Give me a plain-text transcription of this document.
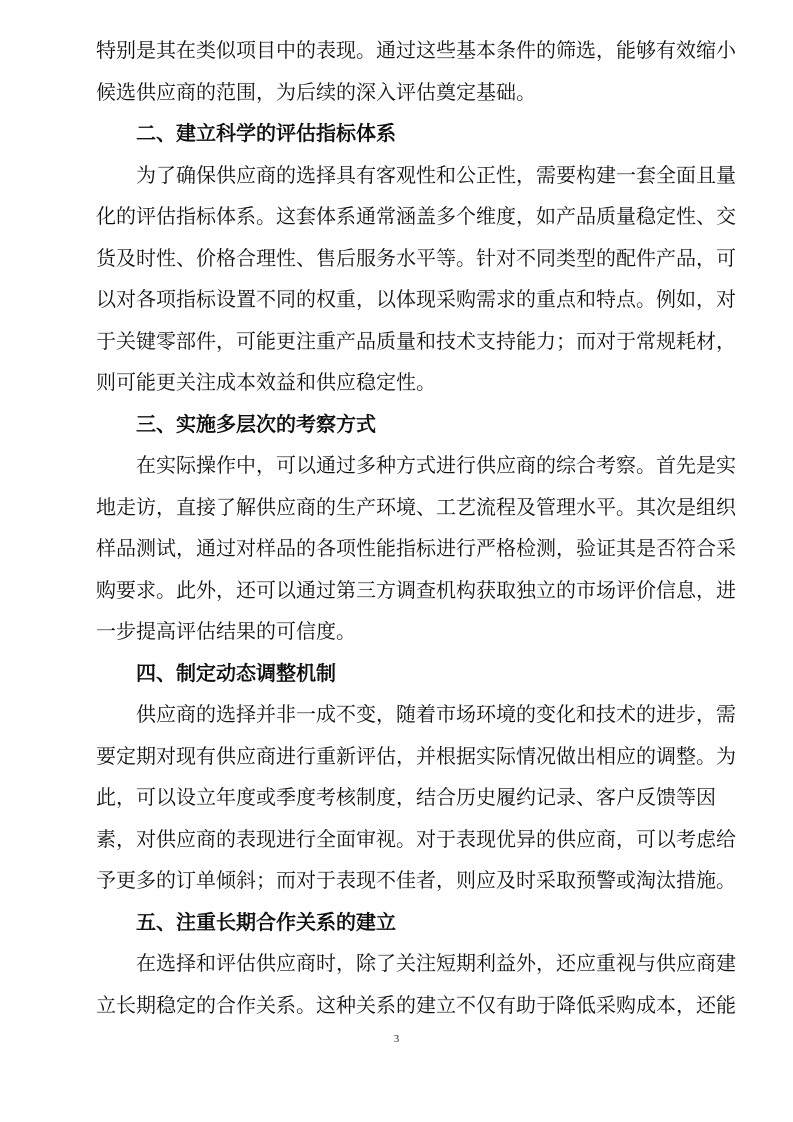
特别是其在类似项目中的表现。通过这些基本条件的筛选，能够有效缩小

候选供应商的范围，为后续的深入评估奠定基础。

二、建立科学的评估指标体系

为了确保供应商的选择具有客观性和公正性，需要构建一套全面且量

化的评估指标体系。这套体系通常涵盖多个维度，如产品质量稳定性、交

货及时性、价格合理性、售后服务水平等。针对不同类型的配件产品，可

以对各项指标设置不同的权重，以体现采购需求的重点和特点。例如，对

于关键零部件，可能更注重产品质量和技术支持能力；而对于常规耗材，

则可能更关注成本效益和供应稳定性。

三、实施多层次的考察方式

在实际操作中，可以通过多种方式进行供应商的综合考察。首先是实

地走访，直接了解供应商的生产环境、工艺流程及管理水平。其次是组织

样品测试，通过对样品的各项性能指标进行严格检测，验证其是否符合采

购要求。此外，还可以通过第三方调查机构获取独立的市场评价信息，进

一步提高评估结果的可信度。

四、制定动态调整机制

供应商的选择并非一成不变，随着市场环境的变化和技术的进步，需

要定期对现有供应商进行重新评估，并根据实际情况做出相应的调整。为

此，可以设立年度或季度考核制度，结合历史履约记录、客户反馈等因

素，对供应商的表现进行全面审视。对于表现优异的供应商，可以考虑给

予更多的订单倾斜；而对于表现不佳者，则应及时采取预警或淘汰措施。

五、注重长期合作关系的建立

在选择和评估供应商时，除了关注短期利益外，还应重视与供应商建

立长期稳定的合作关系。这种关系的建立不仅有助于降低采购成本，还能

3
